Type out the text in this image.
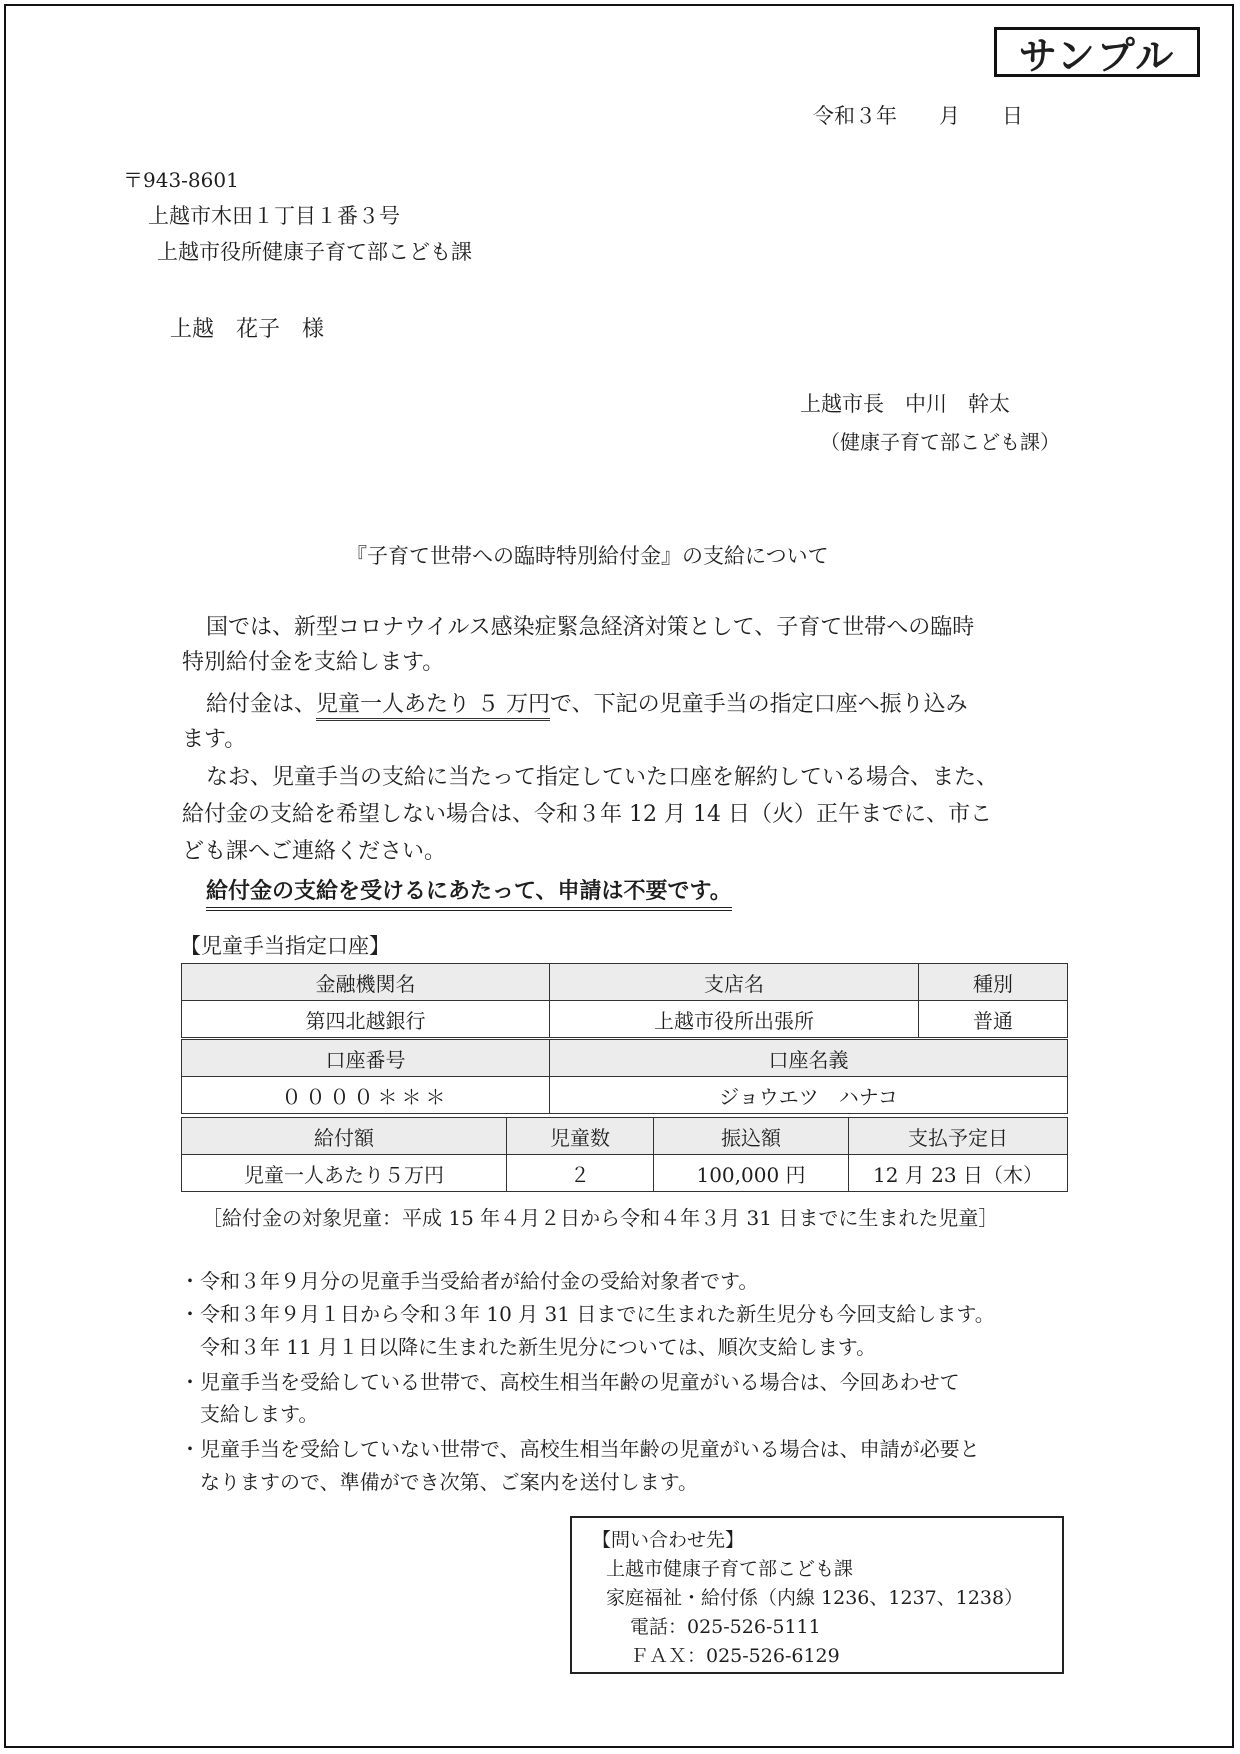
サンプル
令和３年　　月　　日
〒943-8601
上越市木田１丁目１番３号
上越市役所健康子育て部こども課
上越　花子　様
上越市長　中川　幹太
（健康子育て部こども課）
『子育て世帯への臨時特別給付金』の支給について
国では、新型コロナウイルス感染症緊急経済対策として、子育て世帯への臨時
特別給付金を支給します。
給付金は、児童一人あたり ５ 万円で、下記の児童手当の指定口座へ振り込み
ます。
なお、児童手当の支給に当たって指定していた口座を解約している場合、また、
給付金の支給を希望しない場合は、令和３年 12 月 14 日（火）正午までに、市こ
ども課へご連絡ください。
給付金の支給を受けるにあたって、申請は不要です。
【児童手当指定口座】
金融機関名	支店名	種別
第四北越銀行	上越市役所出張所	普通
口座番号	口座名義
００００＊＊＊	ジョウエツ　ハナコ
給付額	児童数	振込額	支払予定日
児童一人あたり５万円	２	100,000 円	12 月 23 日（木）
［給付金の対象児童：平成 15 年４月２日から令和４年３月 31 日までに生まれた児童］
・令和３年９月分の児童手当受給者が給付金の受給対象者です。
・令和３年９月１日から令和３年 10 月 31 日までに生まれた新生児分も今回支給します。
　令和３年 11 月１日以降に生まれた新生児分については、順次支給します。
・児童手当を受給している世帯で、高校生相当年齢の児童がいる場合は、今回あわせて
　支給します。
・児童手当を受給していない世帯で、高校生相当年齢の児童がいる場合は、申請が必要と
　なりますので、準備ができ次第、ご案内を送付します。
【問い合わせ先】
上越市健康子育て部こども課
家庭福祉・給付係（内線 1236、1237、1238）
電話：025-526-5111
ＦＡＸ：025-526-6129
